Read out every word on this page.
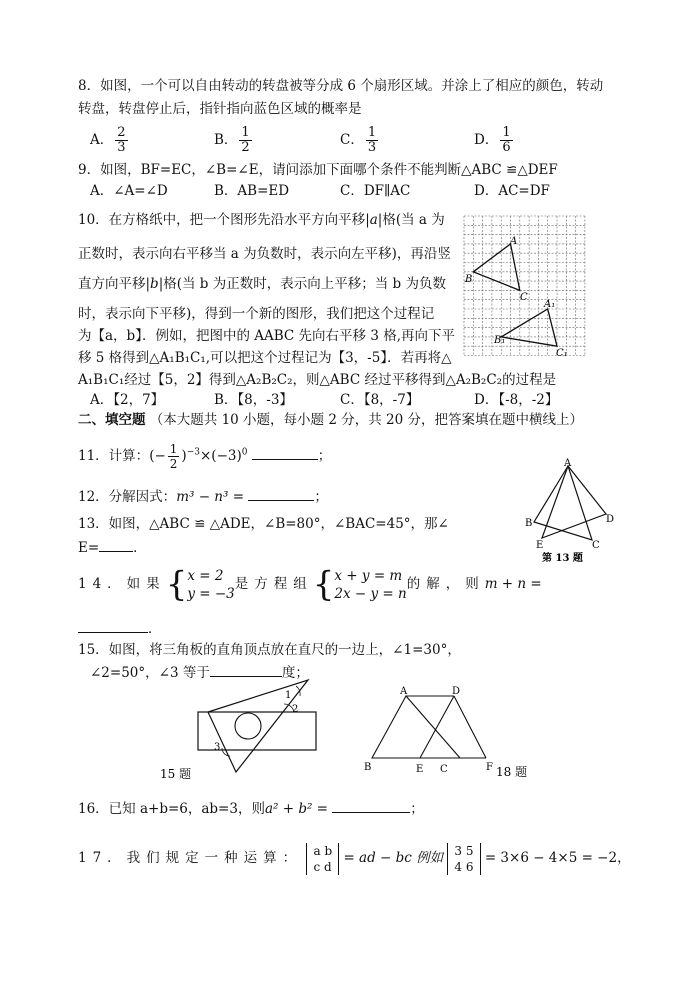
8．如图，一个可以自由转动的转盘被等分成 6 个扇形区域。并涂上了相应的颜色，转动
转盘，转盘停止后，指针指向蓝色区域的概率是
A． $\frac{2}{3}$	B． $\frac{1}{2}$	C． $\frac{1}{3}$	D． $\frac{1}{6}$
9．如图，BF=EC，∠B=∠E，请问添加下面哪个条件不能判断△ABC ≌△DEF
A．∠A=∠D	B．AB=ED	C．DF∥AC	D．AC=DF
10．在方格纸中，把一个图形先沿水平方向平移|a|格(当 a 为
正数时，表示向右平移当 a 为负数时，表示向左平移)，再沿竖
直方向平移|b|格(当 b 为正数时，表示向上平移；当 b 为负数
时，表示向下平移)，得到一个新的图形，我们把这个过程记
为【a，b】．例如，把图中的 AABC 先向右平移 3 格,再向下平
移 5 格得到△A₁B₁C₁,可以把这个过程记为【3，-5】．若再将△
A₁B₁C₁经过【5，2】得到△A₂B₂C₂，则△ABC 经过平移得到△A₂B₂C₂的过程是
A．【2，7】	B．【8，-3】	C．【8，-7】	D．【-8，-2】
A
B
C
A₁
B₁
C₁
二、填空题 （本大题共 10 小题，每小题 2 分，共 20 分，把答案填在题中横线上）
11．计算：(− $\frac{1}{2} )^{-3}\times(-3)^0$	；
12．分解因式：m³ − n³ =	；
13．如图，△ABC ≌ △ADE，∠B=80°，∠BAC=45°，那∠
E=	．
A
B
C
D
E
第 13 题
14．如果{ x = 2
y = −3
是方程组{ x + y = m
2x − y = n
的解，则m + n =
．
15．如图，将三角板的直角顶点放在直尺的一边上，∠1=30°，
∠2=50°，∠3 等于	度；
1
2
3
15 题
A	D
B	E C	F 18 题
16．已知 a+b=6，ab=3，则a² + b² =	；
17．我们规定一种运算： a b
c d
= ad − bc 例如 3 5
4 6
= 3×6 − 4×5 = −2，
